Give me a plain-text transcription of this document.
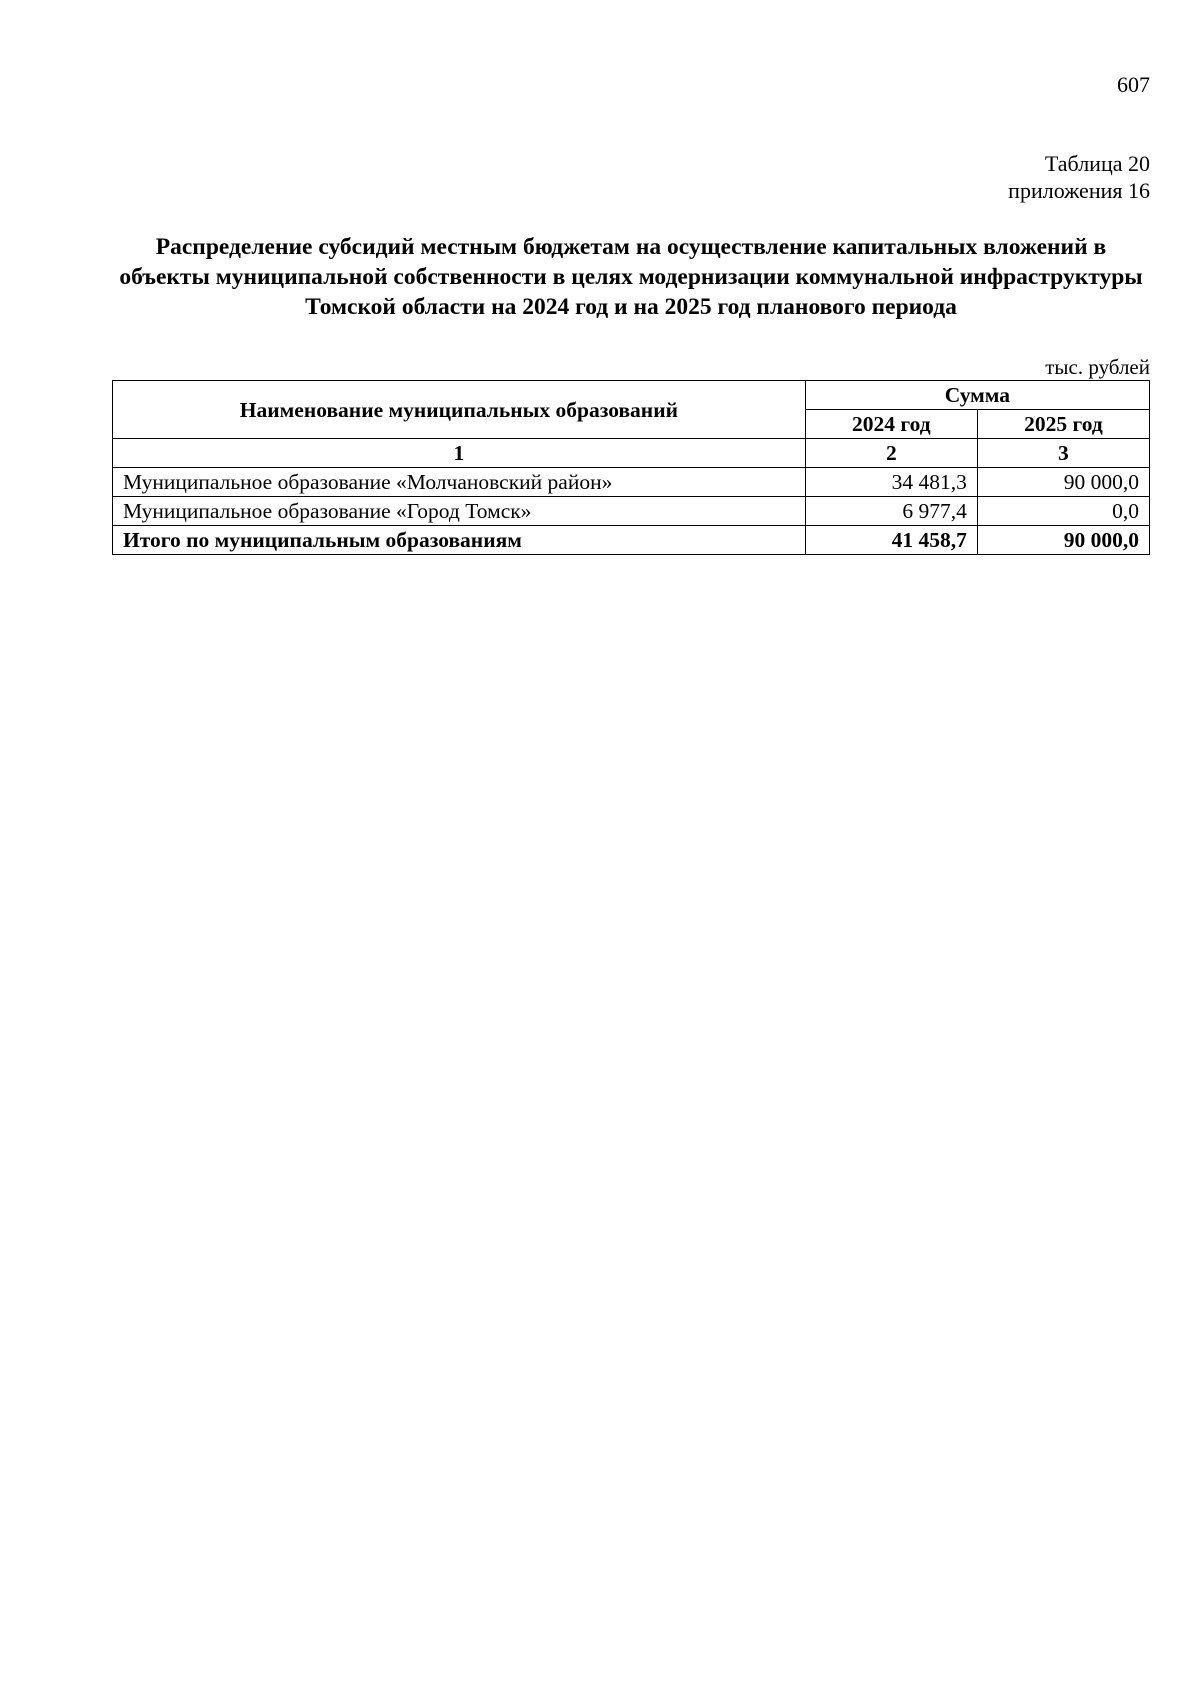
607
Таблица 20
приложения 16
Распределение субсидий местным бюджетам на осуществление капитальных вложений в объекты муниципальной собственности в целях модернизации коммунальной инфраструктуры Томской области на 2024 год и на 2025 год планового периода
тыс. рублей
Наименование муниципальных образований	Сумма	
	2024 год	2025 год
1	2	3
Муниципальное образование «Молчановский район»	34 481,3	90 000,0
Муниципальное образование «Город Томск»	6 977,4	0,0
Итого по муниципальным образованиям	41 458,7	90 000,0
